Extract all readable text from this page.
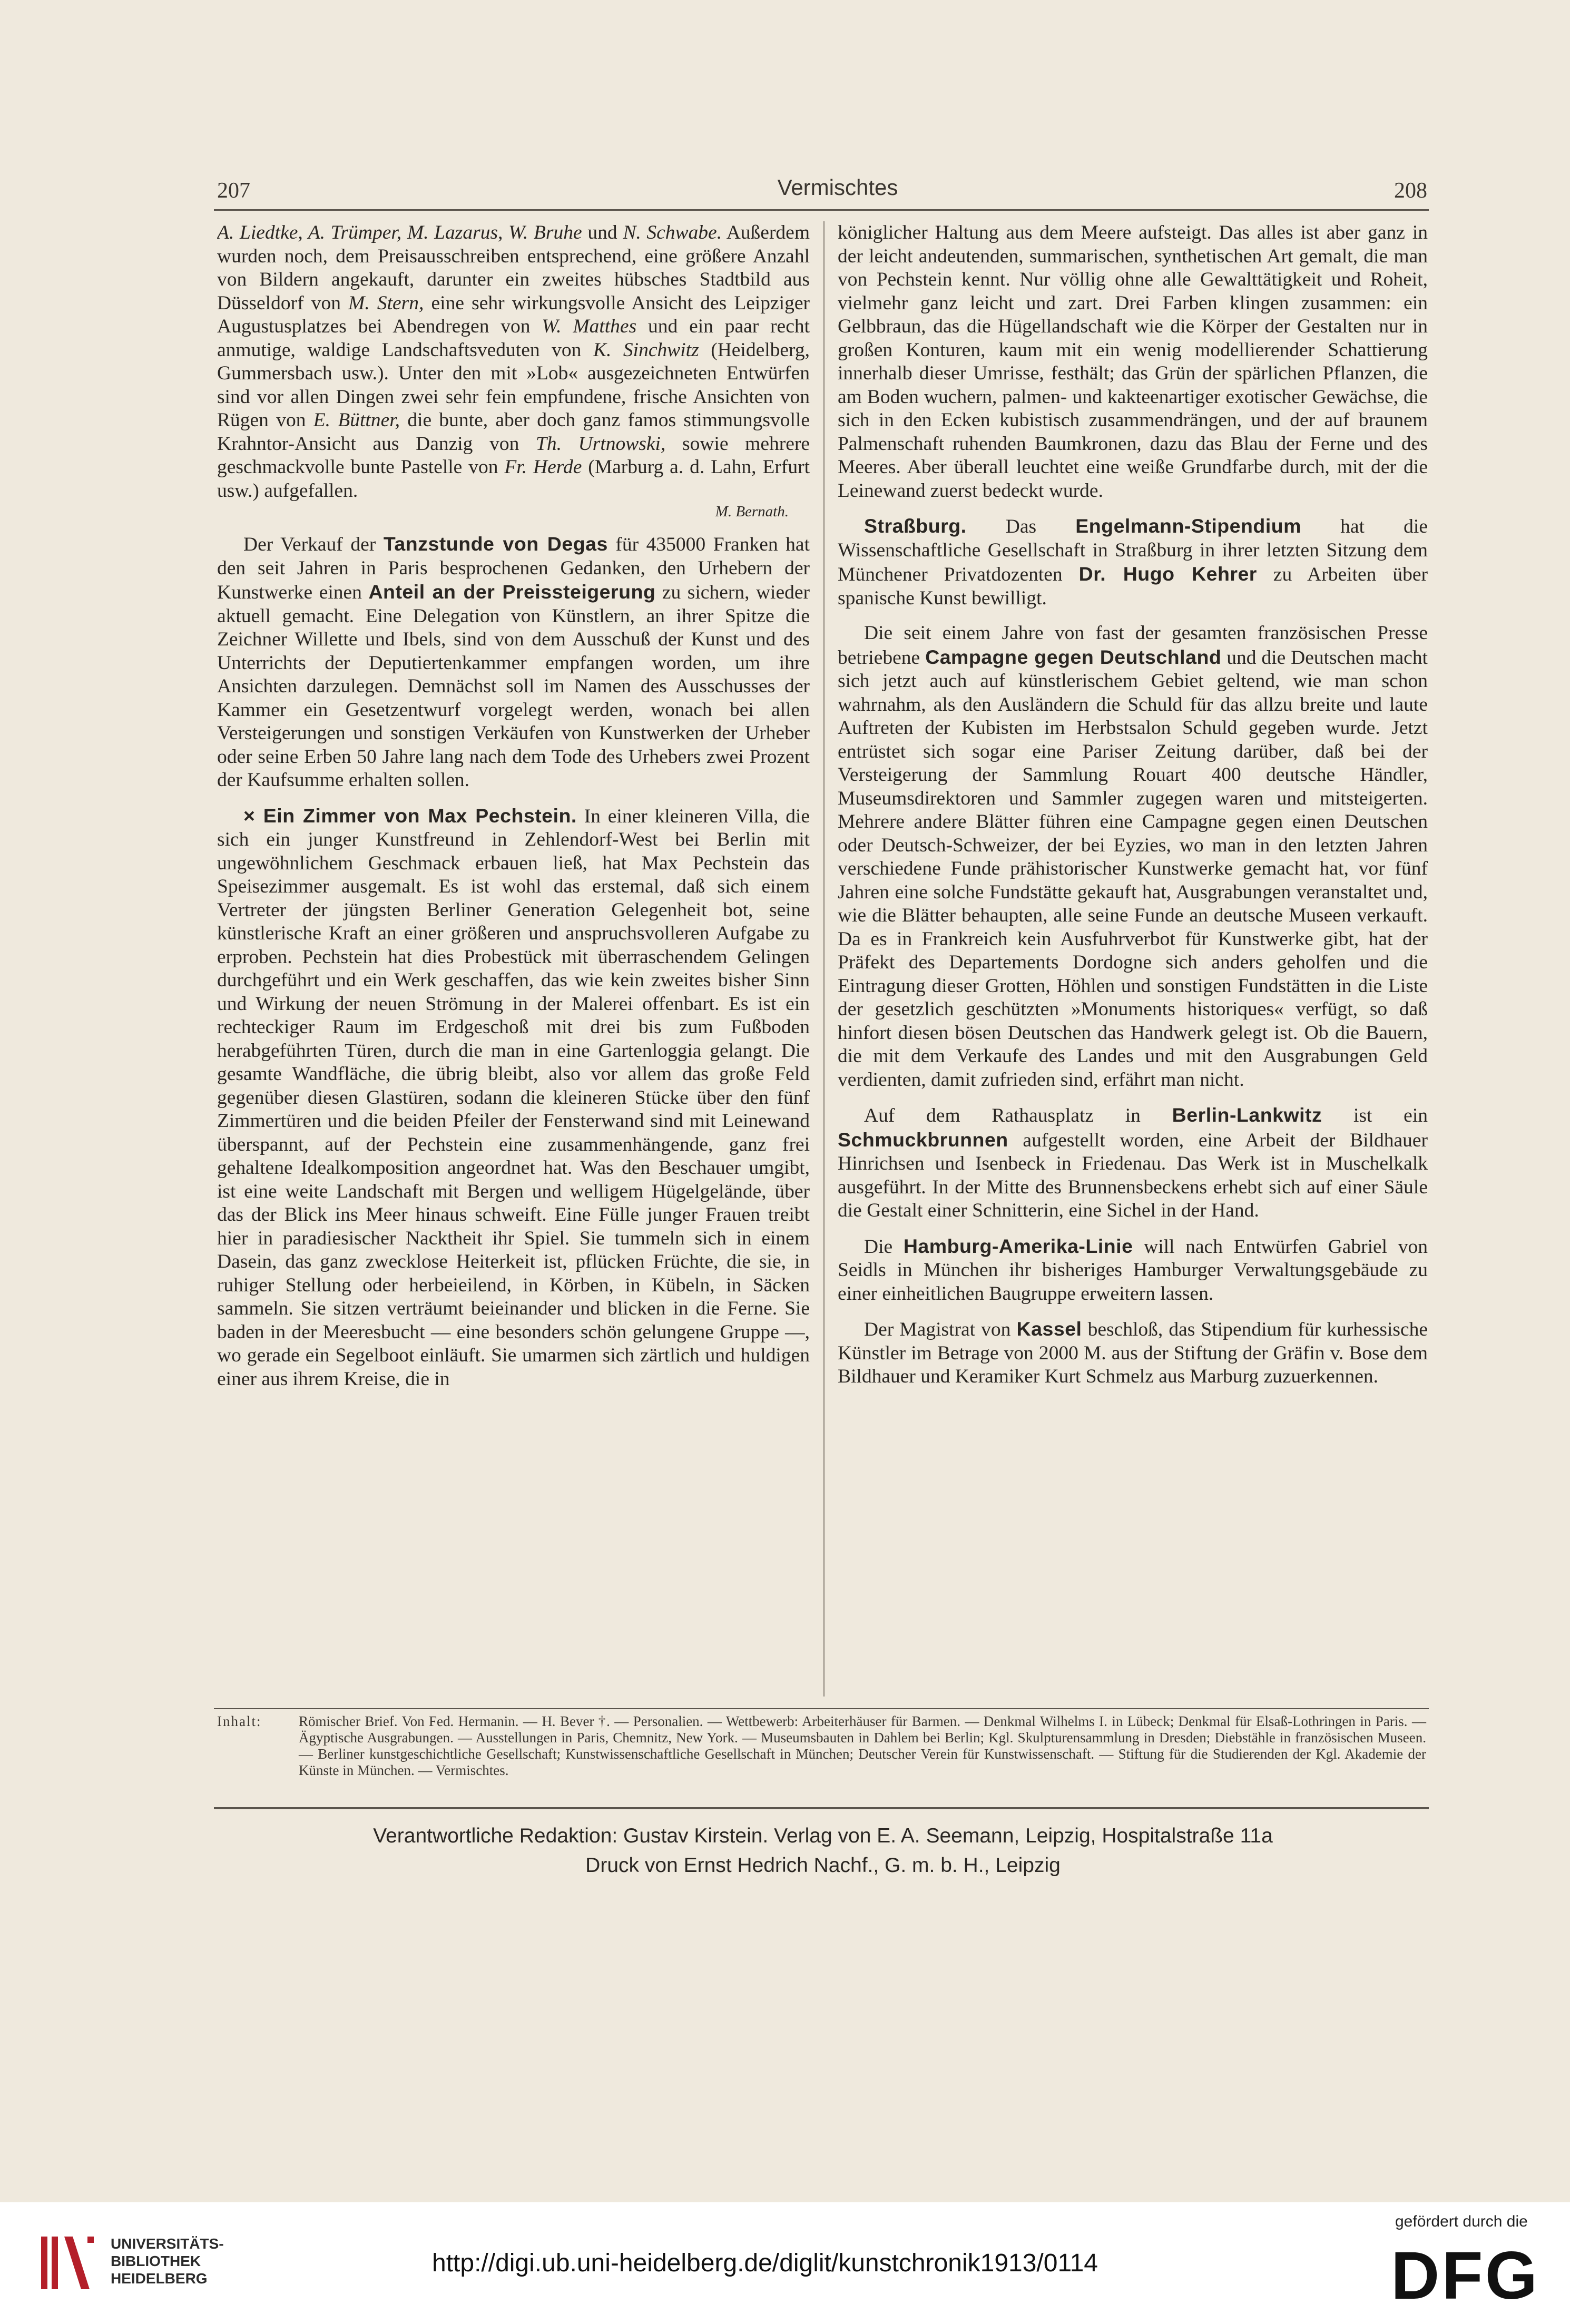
207	Vermischtes	208

A. Liedtke, A. Trümper, M. Lazarus, W. Bruhe und N. Schwabe. Außerdem wurden noch, dem Preisausschreiben entsprechend, eine größere Anzahl von Bildern angekauft, darunter ein zweites hübsches Stadtbild aus Düsseldorf von M. Stern, eine sehr wirkungsvolle Ansicht des Leipziger Augustusplatzes bei Abendregen von W. Matthes und ein paar recht anmutige, waldige Landschaftsveduten von K. Sinchwitz (Heidelberg, Gummersbach usw.). Unter den mit »Lob« ausgezeichneten Entwürfen sind vor allen Dingen zwei sehr fein empfundene, frische Ansichten von Rügen von E. Büttner, die bunte, aber doch ganz famos stimmungsvolle Krahntor-Ansicht aus Danzig von Th. Urtnowski, sowie mehrere geschmackvolle bunte Pastelle von Fr. Herde (Marburg a. d. Lahn, Erfurt usw.) aufgefallen.

M. Bernath.

Der Verkauf der Tanzstunde von Degas für 435000 Franken hat den seit Jahren in Paris besprochenen Gedanken, den Urhebern der Kunstwerke einen Anteil an der Preissteigerung zu sichern, wieder aktuell gemacht. Eine Delegation von Künstlern, an ihrer Spitze die Zeichner Willette und Ibels, sind von dem Ausschuß der Kunst und des Unterrichts der Deputiertenkammer empfangen worden, um ihre Ansichten darzulegen. Demnächst soll im Namen des Ausschusses der Kammer ein Gesetzentwurf vorgelegt werden, wonach bei allen Versteigerungen und sonstigen Verkäufen von Kunstwerken der Urheber oder seine Erben 50 Jahre lang nach dem Tode des Urhebers zwei Prozent der Kaufsumme erhalten sollen.

× Ein Zimmer von Max Pechstein. In einer kleineren Villa, die sich ein junger Kunstfreund in Zehlendorf-West bei Berlin mit ungewöhnlichem Geschmack erbauen ließ, hat Max Pechstein das Speisezimmer ausgemalt. Es ist wohl das erstemal, daß sich einem Vertreter der jüngsten Berliner Generation Gelegenheit bot, seine künstlerische Kraft an einer größeren und anspruchsvolleren Aufgabe zu erproben. Pechstein hat dies Probestück mit überraschendem Gelingen durchgeführt und ein Werk geschaffen, das wie kein zweites bisher Sinn und Wirkung der neuen Strömung in der Malerei offenbart. Es ist ein rechteckiger Raum im Erdgeschoß mit drei bis zum Fußboden herabgeführten Türen, durch die man in eine Gartenloggia gelangt. Die gesamte Wandfläche, die übrig bleibt, also vor allem das große Feld gegenüber diesen Glastüren, sodann die kleineren Stücke über den fünf Zimmertüren und die beiden Pfeiler der Fensterwand sind mit Leinewand überspannt, auf der Pechstein eine zusammenhängende, ganz frei gehaltene Idealkomposition angeordnet hat. Was den Beschauer umgibt, ist eine weite Landschaft mit Bergen und welligem Hügelgelände, über das der Blick ins Meer hinaus schweift. Eine Fülle junger Frauen treibt hier in paradiesischer Nacktheit ihr Spiel. Sie tummeln sich in einem Dasein, das ganz zwecklose Heiterkeit ist, pflücken Früchte, die sie, in ruhiger Stellung oder herbeieilend, in Körben, in Kübeln, in Säcken sammeln. Sie sitzen verträumt beieinander und blicken in die Ferne. Sie baden in der Meeresbucht — eine besonders schön gelungene Gruppe —, wo gerade ein Segelboot einläuft. Sie umarmen sich zärtlich und huldigen einer aus ihrem Kreise, die in

königlicher Haltung aus dem Meere aufsteigt. Das alles ist aber ganz in der leicht andeutenden, summarischen, synthetischen Art gemalt, die man von Pechstein kennt. Nur völlig ohne alle Gewalttätigkeit und Roheit, vielmehr ganz leicht und zart. Drei Farben klingen zusammen: ein Gelbbraun, das die Hügellandschaft wie die Körper der Gestalten nur in großen Konturen, kaum mit ein wenig modellierender Schattierung innerhalb dieser Umrisse, festhält; das Grün der spärlichen Pflanzen, die am Boden wuchern, palmen- und kakteenartiger exotischer Gewächse, die sich in den Ecken kubistisch zusammendrängen, und der auf braunem Palmenschaft ruhenden Baumkronen, dazu das Blau der Ferne und des Meeres. Aber überall leuchtet eine weiße Grundfarbe durch, mit der die Leinewand zuerst bedeckt wurde.

Straßburg. Das Engelmann-Stipendium hat die Wissenschaftliche Gesellschaft in Straßburg in ihrer letzten Sitzung dem Münchener Privatdozenten Dr. Hugo Kehrer zu Arbeiten über spanische Kunst bewilligt.

Die seit einem Jahre von fast der gesamten französischen Presse betriebene Campagne gegen Deutschland und die Deutschen macht sich jetzt auch auf künstlerischem Gebiet geltend, wie man schon wahrnahm, als den Ausländern die Schuld für das allzu breite und laute Auftreten der Kubisten im Herbstsalon Schuld gegeben wurde. Jetzt entrüstet sich sogar eine Pariser Zeitung darüber, daß bei der Versteigerung der Sammlung Rouart 400 deutsche Händler, Museumsdirektoren und Sammler zugegen waren und mitsteigerten. Mehrere andere Blätter führen eine Campagne gegen einen Deutschen oder Deutsch-Schweizer, der bei Eyzies, wo man in den letzten Jahren verschiedene Funde prähistorischer Kunstwerke gemacht hat, vor fünf Jahren eine solche Fundstätte gekauft hat, Ausgrabungen veranstaltet und, wie die Blätter behaupten, alle seine Funde an deutsche Museen verkauft. Da es in Frankreich kein Ausfuhrverbot für Kunstwerke gibt, hat der Präfekt des Departements Dordogne sich anders geholfen und die Eintragung dieser Grotten, Höhlen und sonstigen Fundstätten in die Liste der gesetzlich geschützten »Monuments historiques« verfügt, so daß hinfort diesen bösen Deutschen das Handwerk gelegt ist. Ob die Bauern, die mit dem Verkaufe des Landes und mit den Ausgrabungen Geld verdienten, damit zufrieden sind, erfährt man nicht.

Auf dem Rathausplatz in Berlin-Lankwitz ist ein Schmuckbrunnen aufgestellt worden, eine Arbeit der Bildhauer Hinrichsen und Isenbeck in Friedenau. Das Werk ist in Muschelkalk ausgeführt. In der Mitte des Brunnensbeckens erhebt sich auf einer Säule die Gestalt einer Schnitterin, eine Sichel in der Hand.

Die Hamburg-Amerika-Linie will nach Entwürfen Gabriel von Seidls in München ihr bisheriges Hamburger Verwaltungsgebäude zu einer einheitlichen Baugruppe erweitern lassen.

Der Magistrat von Kassel beschloß, das Stipendium für kurhessische Künstler im Betrage von 2000 M. aus der Stiftung der Gräfin v. Bose dem Bildhauer und Keramiker Kurt Schmelz aus Marburg zuzuerkennen.

Inhalt:	Römischer Brief. Von Fed. Hermanin. — H. Bever †. — Personalien. — Wettbewerb: Arbeiterhäuser für Barmen. — Denkmal Wilhelms I. in Lübeck; Denkmal für Elsaß-Lothringen in Paris. — Ägyptische Ausgrabungen. — Ausstellungen in Paris, Chemnitz, New York. — Museumsbauten in Dahlem bei Berlin; Kgl. Skulpturensammlung in Dresden; Diebstähle in französischen Museen. — Berliner kunstgeschichtliche Gesellschaft; Kunstwissenschaftliche Gesellschaft in München; Deutscher Verein für Kunstwissenschaft. — Stiftung für die Studierenden der Kgl. Akademie der Künste in München. — Vermischtes.
Verantwortliche Redaktion: Gustav Kirstein. Verlag von E. A. Seemann, Leipzig, Hospitalstraße 11a
Druck von Ernst Hedrich Nachf., G. m. b. H., Leipzig
UNIVERSITÄTS-
BIBLIOTHEK
HEIDELBERG
http://digi.ub.uni-heidelberg.de/diglit/kunstchronik1913/0114
gefördert durch die
DFG
